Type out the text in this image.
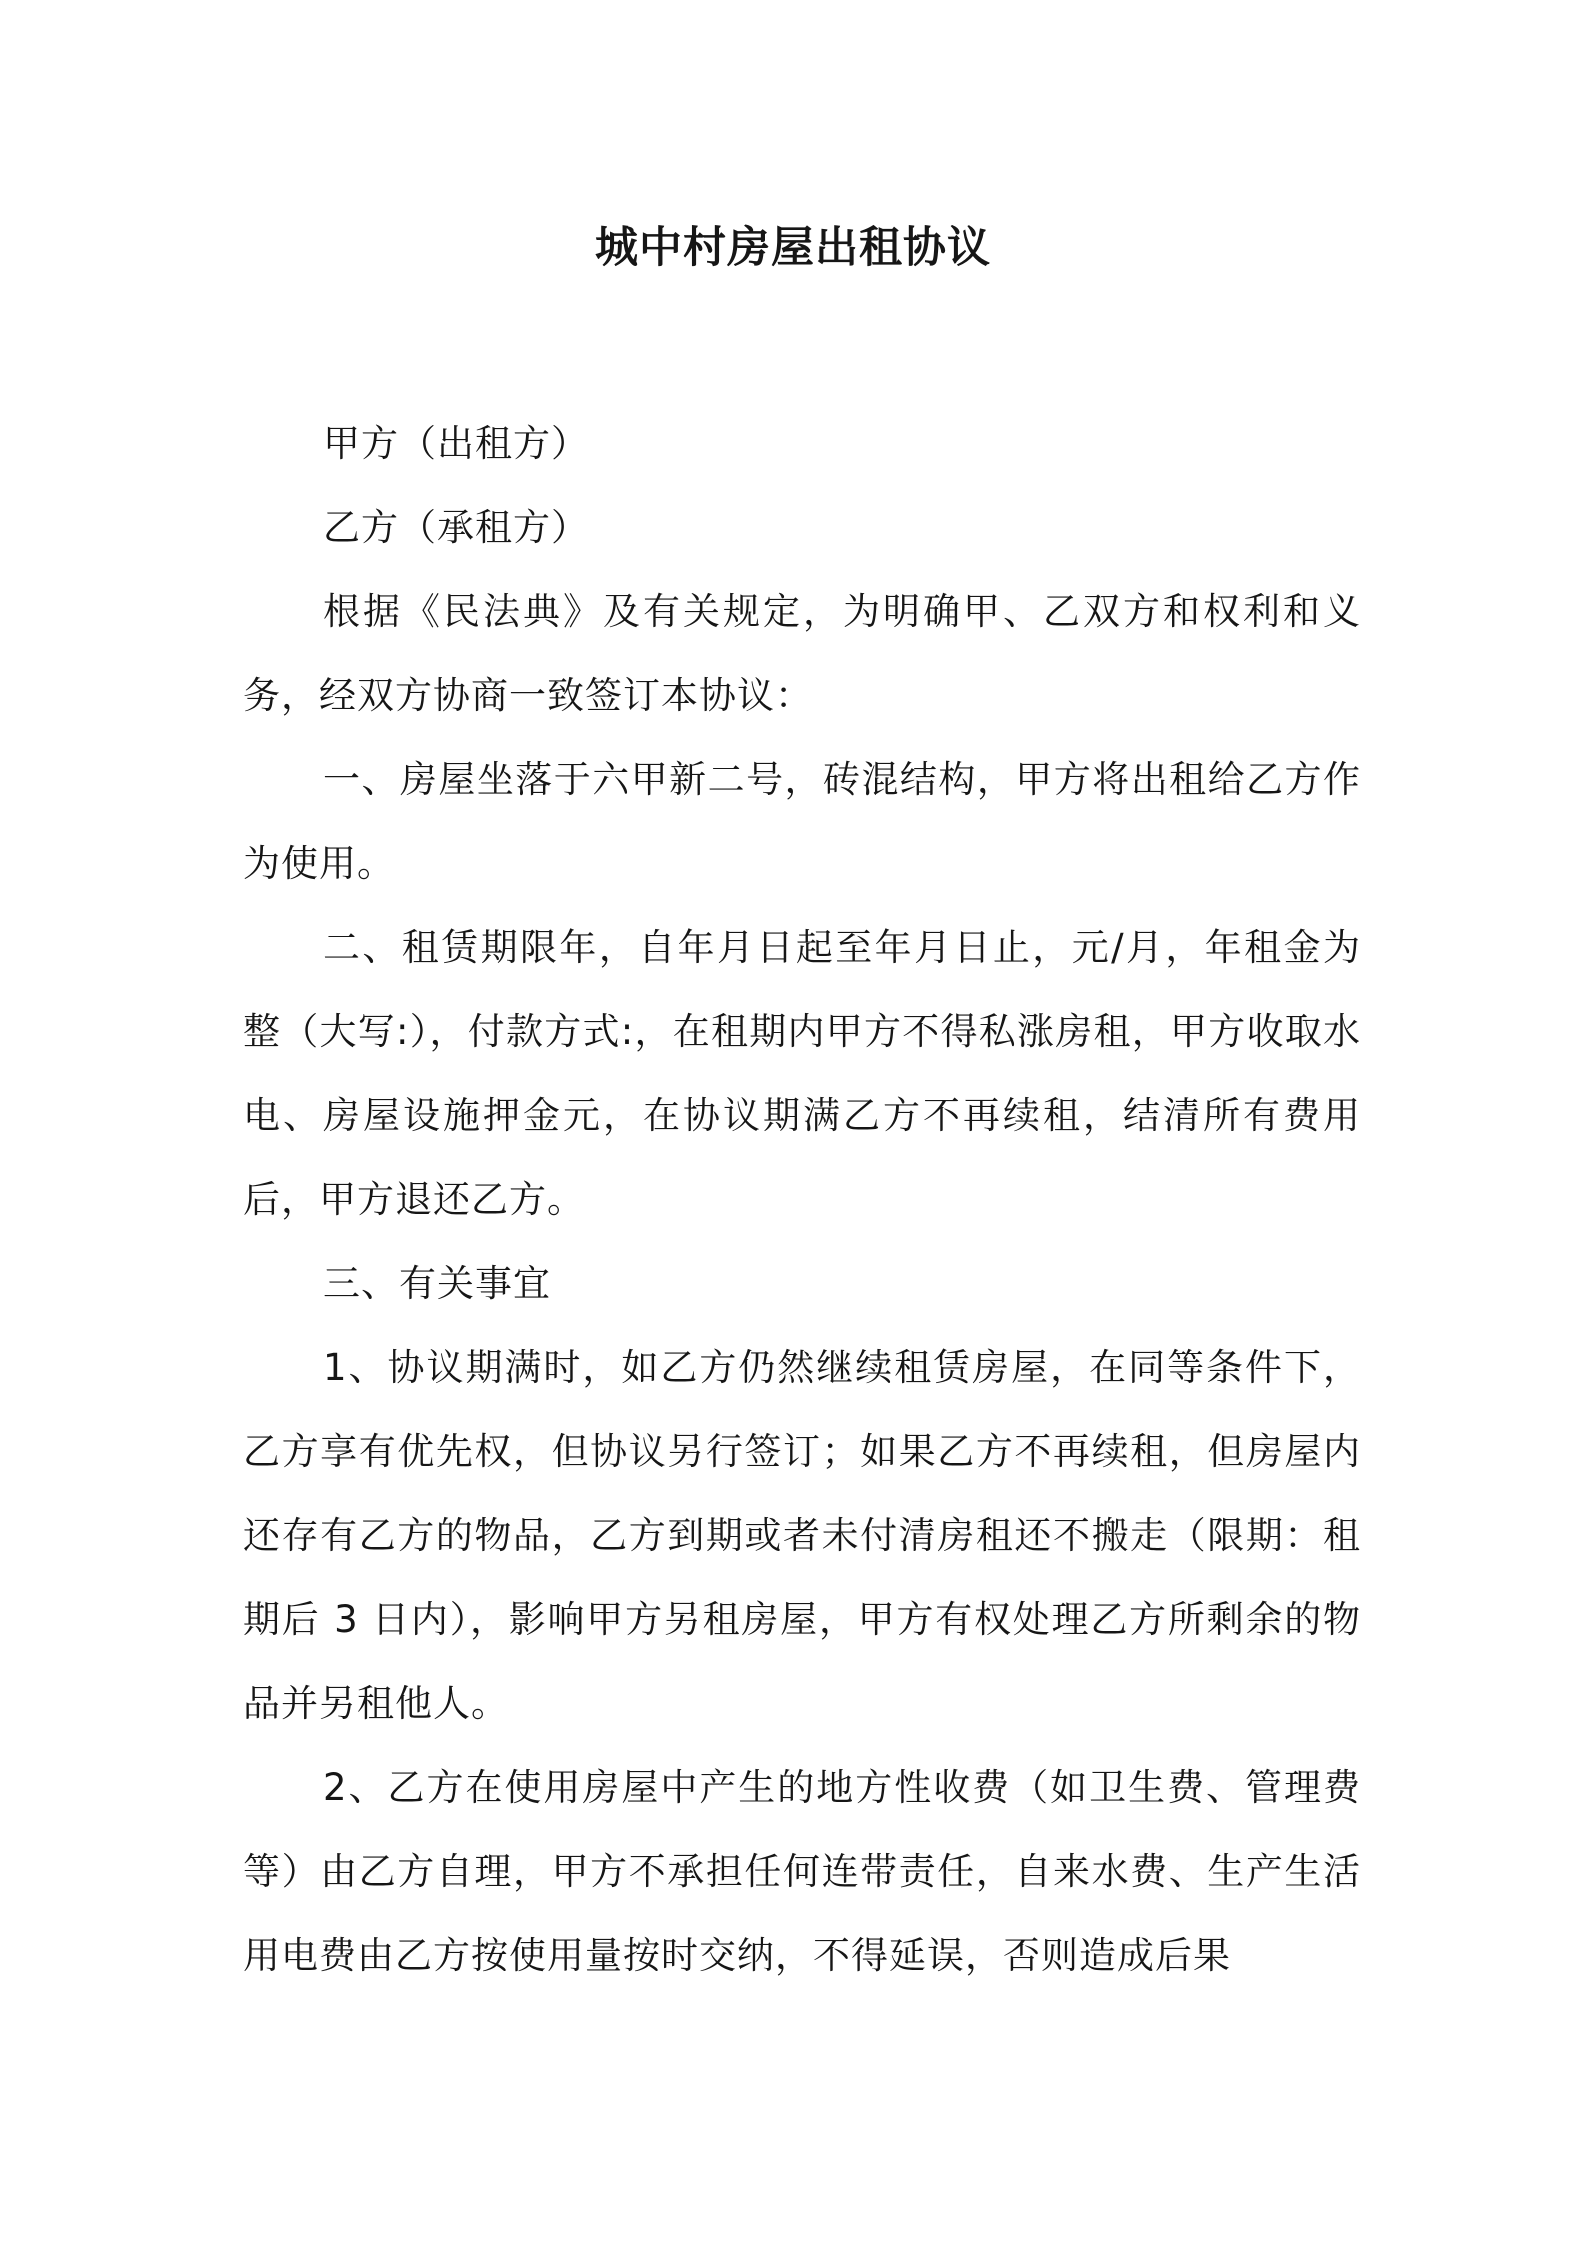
城中村房屋出租协议

甲方（出租方）

乙方（承租方）

根据《民法典》及有关规定，为明确甲、乙双方和权利和义务，经双方协商一致签订本协议：

一、房屋坐落于六甲新二号，砖混结构，甲方将出租给乙方作为使用。

二、租赁期限年，自年月日起至年月日止，元/月，年租金为整（大写:），付款方式:，在租期内甲方不得私涨房租，甲方收取水电、房屋设施押金元，在协议期满乙方不再续租，结清所有费用后，甲方退还乙方。

三、有关事宜

1、协议期满时，如乙方仍然继续租赁房屋，在同等条件下，乙方享有优先权，但协议另行签订；如果乙方不再续租，但房屋内还存有乙方的物品，乙方到期或者未付清房租还不搬走（限期：租期后 3 日内），影响甲方另租房屋，甲方有权处理乙方所剩余的物品并另租他人。

2、乙方在使用房屋中产生的地方性收费（如卫生费、管理费等）由乙方自理，甲方不承担任何连带责任，自来水费、生产生活用电费由乙方按使用量按时交纳，不得延误，否则造成后果
